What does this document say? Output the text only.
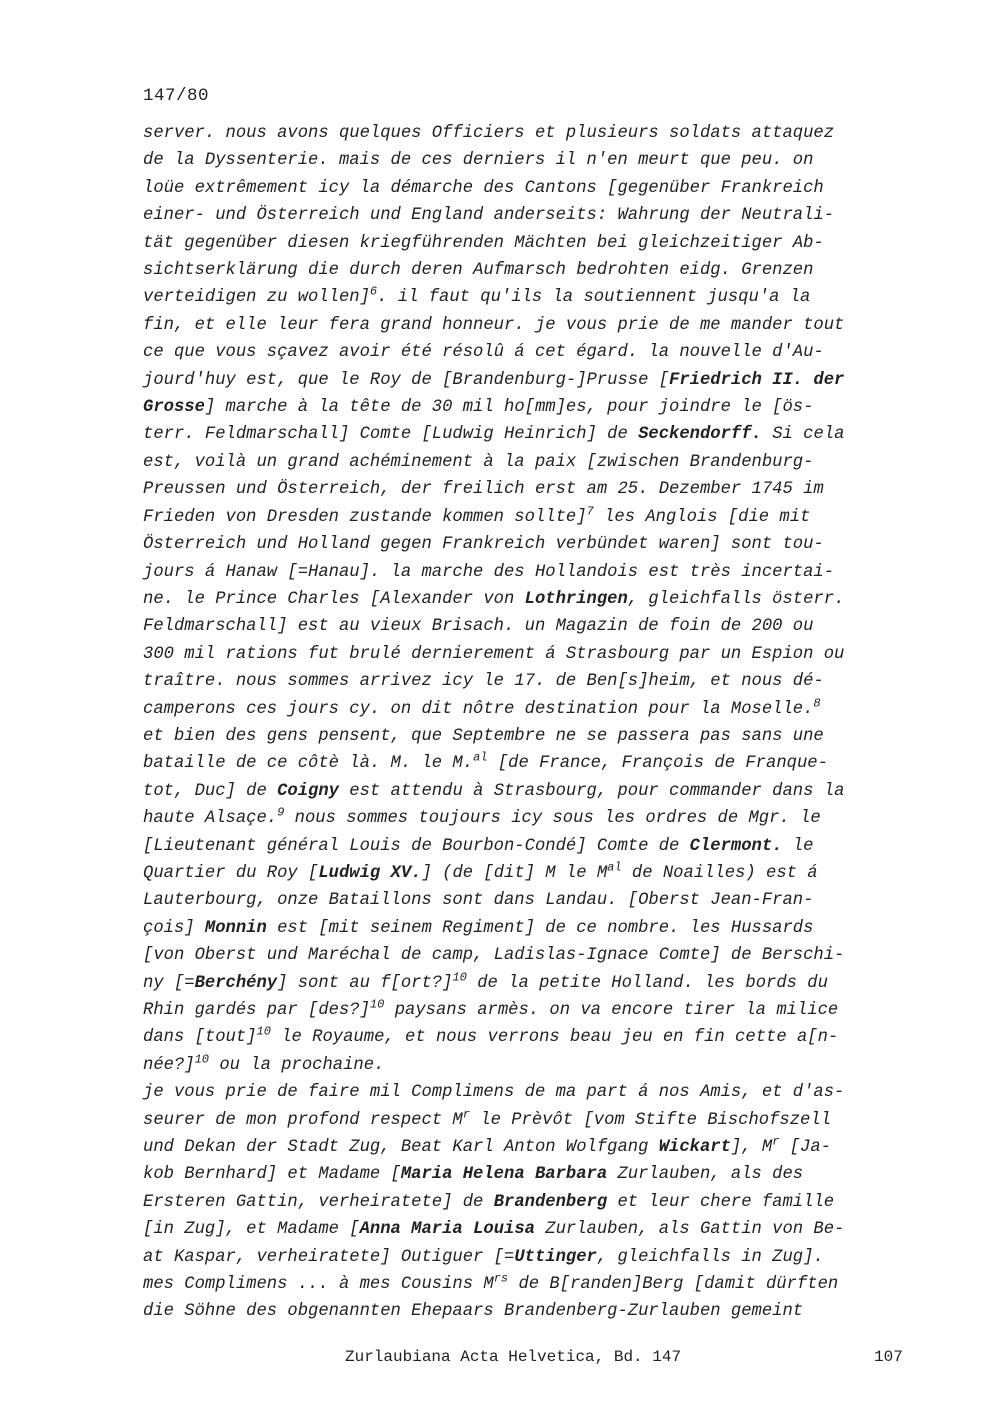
147/80
server. nous avons quelques Officiers et plusieurs soldats attaquez
de la Dyssenterie. mais de ces derniers il n'en meurt que peu. on
loüe extrêmement icy la démarche des Cantons [gegenüber Frankreich
einer- und Österreich und England anderseits: Wahrung der Neutrali-
tät gegenüber diesen kriegführenden Mächten bei gleichzeitiger Ab-
sichtserklärung die durch deren Aufmarsch bedrohten eidg. Grenzen
verteidigen zu wollen]$^6$. il faut qu'ils la soutiennent jusqu'a la
fin, et elle leur fera grand honneur. je vous prie de me mander tout
ce que vous sçavez avoir été résolû á cet égard. la nouvelle d'Au-
jourd'huy est, que le Roy de [Brandenburg-]Prusse [Friedrich II. der
Grosse] marche à la tête de 30 mil ho[mm]es, pour joindre le [ös-
terr. Feldmarschall] Comte [Ludwig Heinrich] de Seckendorff. Si cela
est, voilà un grand achéminement à la paix [zwischen Brandenburg-
Preussen und Österreich, der freilich erst am 25. Dezember 1745 im
Frieden von Dresden zustande kommen sollte]$^7$ les Anglois [die mit
Österreich und Holland gegen Frankreich verbündet waren] sont tou-
jours á Hanaw [=Hanau]. la marche des Hollandois est très incertai-
ne. le Prince Charles [Alexander von Lothringen, gleichfalls österr.
Feldmarschall] est au vieux Brisach. un Magazin de foin de 200 ou
300 mil rations fut brulé dernierement á Strasbourg par un Espion ou
traître. nous sommes arrivez icy le 17. de Ben[s]heim, et nous dé-
camperons ces jours cy. on dit nôtre destination pour la Moselle.$^8$
et bien des gens pensent, que Septembre ne se passera pas sans une
bataille de ce côtè là. M. le M.$^{al}$ [de France, François de Franque-
tot, Duc] de Coigny est attendu à Strasbourg, pour commander dans la
haute Alsaçe.$^9$ nous sommes toujours icy sous les ordres de Mgr. le
[Lieutenant général Louis de Bourbon-Condé] Comte de Clermont. le
Quartier du Roy [Ludwig XV.] (de [dit] M le $M^{al}$ de Noailles) est á
Lauterbourg, onze Bataillons sont dans Landau. [Oberst Jean-Fran-
çois] Monnin est [mit seinem Regiment] de ce nombre. les Hussards
[von Oberst und Maréchal de camp, Ladislas-Ignace Comte] de Berschi-
ny [=Berchény] sont au f[ort?]$^{10}$ de la petite Holland. les bords du
Rhin gardés par [des?]$^{10}$ paysans armès. on va encore tirer la milice
dans [tout]$^{10}$ le Royaume, et nous verrons beau jeu en fin cette a[n-
née?]$^{10}$ ou la prochaine.
je vous prie de faire mil Complimens de ma part á nos Amis, et d'as-
seurer de mon profond respect $M^r$ le Prèvôt [vom Stifte Bischofszell
und Dekan der Stadt Zug, Beat Karl Anton Wolfgang Wickart], $M^r$ [Ja-
kob Bernhard] et Madame [Maria Helena Barbara Zurlauben, als des
Ersteren Gattin, verheiratete] de Brandenberg et leur chere famille
[in Zug], et Madame [Anna Maria Louisa Zurlauben, als Gattin von Be-
at Kaspar, verheiratete] Outiguer [=Uttinger, gleichfalls in Zug].
mes Complimens ... à mes Cousins $M^{rs}$ de B[randen]Berg [damit dürften
die Söhne des obgenannten Ehepaars Brandenberg-Zurlauben gemeint
Zurlaubiana Acta Helvetica, Bd. 147	107
